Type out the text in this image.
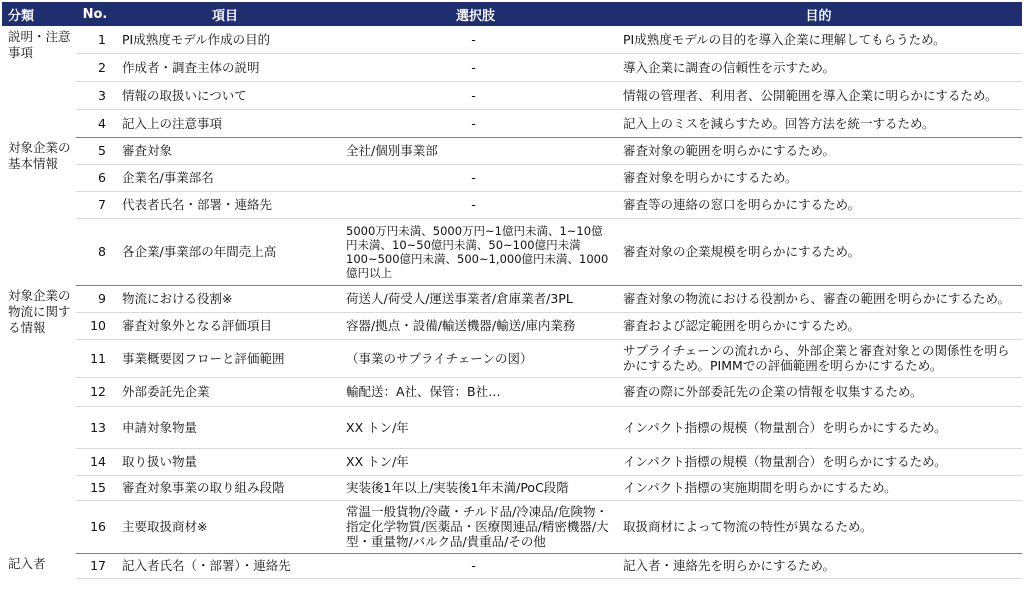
分類	No.	項目	選択肢	目的
説明・注意事項	1	PI成熟度モデル作成の目的	-	PI成熟度モデルの目的を導入企業に理解してもらうため。
	2	作成者・調査主体の説明	-	導入企業に調査の信頼性を示すため。
	3	情報の取扱いについて	-	情報の管理者、利用者、公開範囲を導入企業に明らかにするため。
	4	記入上の注意事項	-	記入上のミスを減らすため。回答方法を統一するため。
対象企業の基本情報	5	審査対象	全社/個別事業部	審査対象の範囲を明らかにするため。
	6	企業名/事業部名	-	審査対象を明らかにするため。
	7	代表者氏名・部署・連絡先	-	審査等の連絡の窓口を明らかにするため。
	8	各企業/事業部の年間売上高	5000万円未満、5000万円~1億円未満、1~10億円未満、10~50億円未満、50~100億円未満100~500億円未満、500~1,000億円未満、1000億円以上	審査対象の企業規模を明らかにするため。
対象企業の物流に関する情報	9	物流における役割※	荷送人/荷受人/運送事業者/倉庫業者/3PL	審査対象の物流における役割から、審査の範囲を明らかにするため。
	10	審査対象外となる評価項目	容器/拠点・設備/輸送機器/輸送/庫内業務	審査および認定範囲を明らかにするため。
	11	事業概要図フローと評価範囲	（事業のサプライチェーンの図）	サプライチェーンの流れから、外部企業と審査対象との関係性を明らかにするため。PIMMでの評価範囲を明らかにするため。
	12	外部委託先企業	輸配送：A社、保管：B社…	審査の際に外部委託先の企業の情報を収集するため。
	13	申請対象物量	XX トン/年	インパクト指標の規模（物量割合）を明らかにするため。
	14	取り扱い物量	XX トン/年	インパクト指標の規模（物量割合）を明らかにするため。
	15	審査対象事業の取り組み段階	実装後1年以上/実装後1年未満/PoC段階	インパクト指標の実施期間を明らかにするため。
	16	主要取扱商材※	常温一般貨物/冷蔵・チルド品/冷凍品/危険物・指定化学物質/医薬品・医療関連品/精密機器/大型・重量物/バルク品/貴重品/その他	取扱商材によって物流の特性が異なるため。
記入者	17	記入者氏名（・部署）・連絡先	-	記入者・連絡先を明らかにするため。
